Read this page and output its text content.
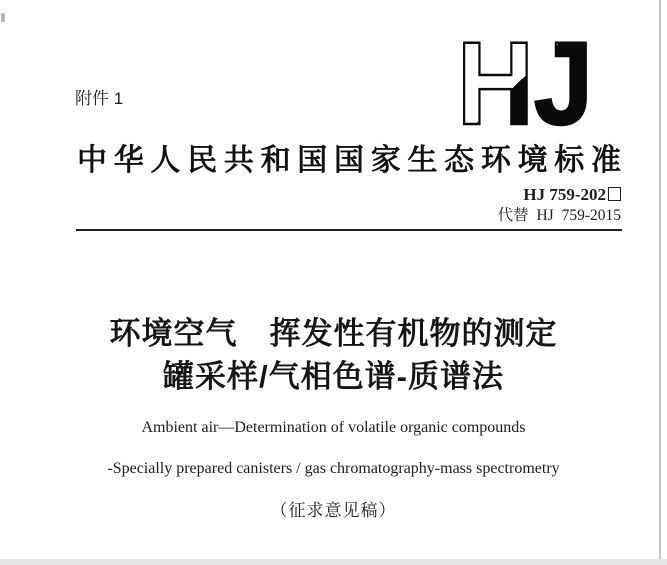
附件 1	HJ
中华人民共和国国家生态环境标准
HJ 759-202
代替 HJ 759-2015
环境空气　挥发性有机物的测定
罐采样/气相色谱-质谱法
Ambient air—Determination of volatile organic compounds
-Specially prepared canisters / gas chromatography-mass spectrometry
（征求意见稿）
